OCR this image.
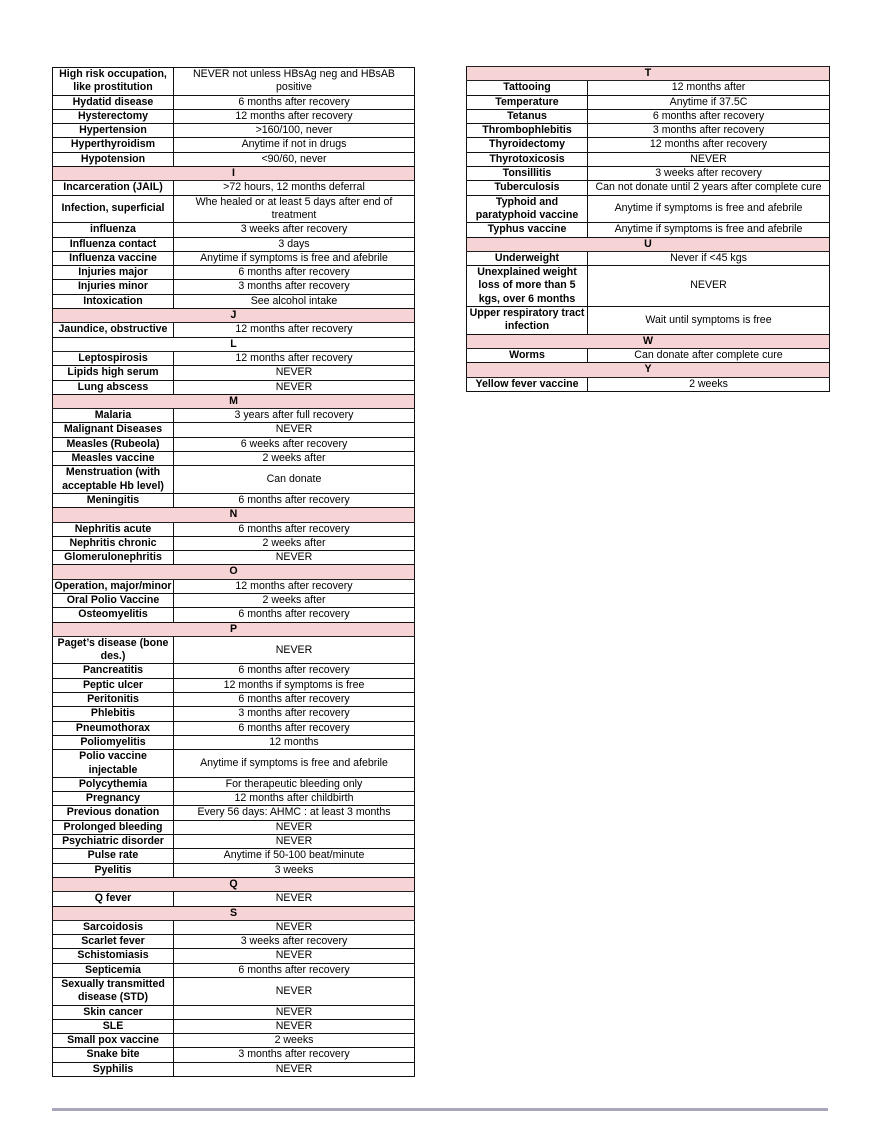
High risk occupation, like prostitution	NEVER not unless HBsAg neg and HBsAB positive
Hydatid disease	6 months after recovery
Hysterectomy	12 months after recovery
Hypertension	>160/100, never
Hyperthyroidism	Anytime if not in drugs
Hypotension	<90/60, never
I	
Incarceration (JAIL)	>72 hours, 12 months deferral
Infection, superficial	Whe healed or at least 5 days after end of treatment
influenza	3 weeks after recovery
Influenza contact	3 days
Influenza vaccine	Anytime if symptoms is free and afebrile
Injuries major	6 months after recovery
Injuries minor	3 months after recovery
Intoxication	See alcohol intake
J	
Jaundice, obstructive	12 months after recovery
L	
Leptospirosis	12 months after recovery
Lipids high serum	NEVER
Lung abscess	NEVER
M	
Malaria	3 years after full recovery
Malignant Diseases	NEVER
Measles (Rubeola)	6 weeks after recovery
Measles vaccine	2 weeks after
Menstruation (with acceptable Hb level)	Can donate
Meningitis	6 months after recovery
N	
Nephritis acute	6 months after recovery
Nephritis chronic	2 weeks after
Glomerulonephritis	NEVER
O	
Operation, major/minor	12 months after recovery
Oral Polio Vaccine	2 weeks after
Osteomyelitis	6 months after recovery
P	
Paget’s disease (bone des.)	NEVER
Pancreatitis	6 months after recovery
Peptic ulcer	12 months if symptoms is free
Peritonitis	6 months after recovery
Phlebitis	3 months after recovery
Pneumothorax	6 months after recovery
Poliomyelitis	12 months
Polio vaccine injectable	Anytime if symptoms is free and afebrile
Polycythemia	For therapeutic bleeding only
Pregnancy	12 months after childbirth
Previous donation	Every 56 days: AHMC : at least 3 months
Prolonged bleeding	NEVER
Psychiatric disorder	NEVER
Pulse rate	Anytime if 50-100 beat/minute
Pyelitis	3 weeks
Q	
Q fever	NEVER
S	
Sarcoidosis	NEVER
Scarlet fever	3 weeks after recovery
Schistomiasis	NEVER
Septicemia	6 months after recovery
Sexually transmitted disease (STD)	NEVER
Skin cancer	NEVER
SLE	NEVER
Small pox vaccine	2 weeks
Snake bite	3 months after recovery
Syphilis	NEVER
T	
Tattooing	12 months after
Temperature	Anytime if 37.5C
Tetanus	6 months after recovery
Thrombophlebitis	3 months after recovery
Thyroidectomy	12 months after recovery
Thyrotoxicosis	NEVER
Tonsillitis	3 weeks after recovery
Tuberculosis	Can not donate until 2 years after complete cure
Typhoid and paratyphoid vaccine	Anytime if symptoms is free and afebrile
Typhus vaccine	Anytime if symptoms is free and afebrile
U	
Underweight	Never if <45 kgs
Unexplained weight loss of more than 5 kgs, over 6 months	NEVER
Upper respiratory tract infection	Wait until symptoms is free
W	
Worms	Can donate after complete cure
Y	
Yellow fever vaccine	2 weeks
